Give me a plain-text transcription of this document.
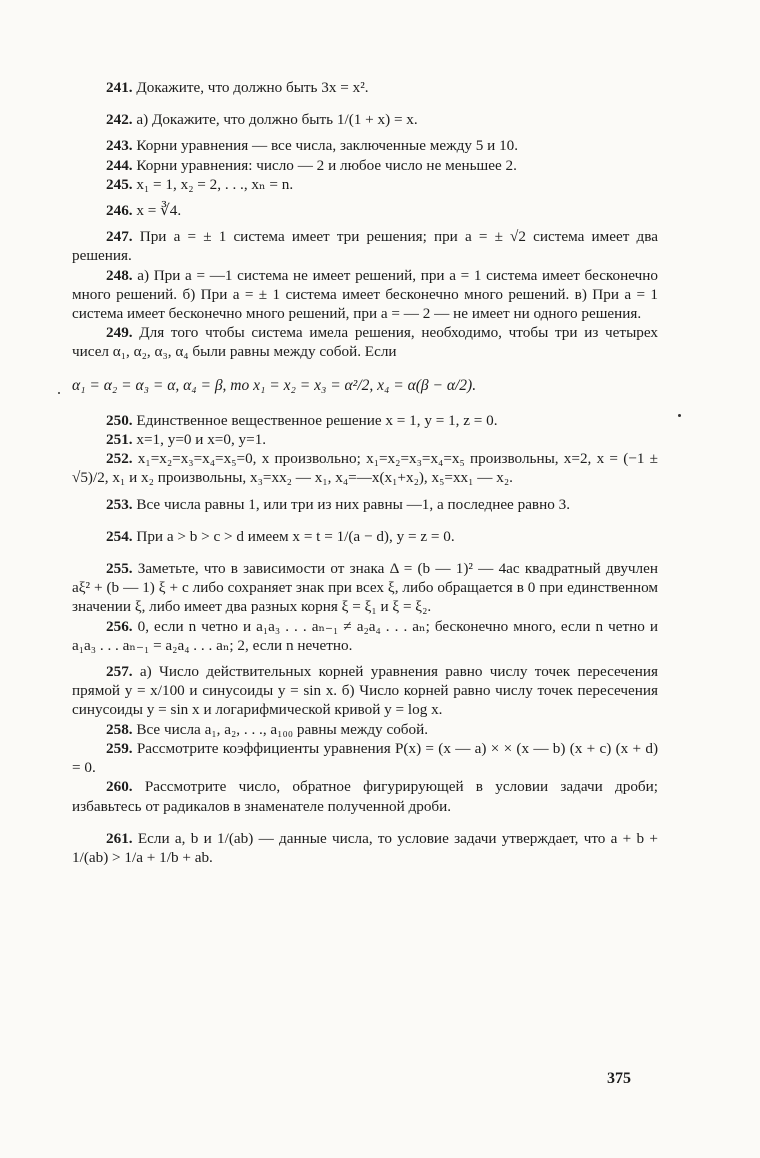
241. Докажите, что должно быть 3x = x².

242. а) Докажите, что должно быть 1/(1 + x) = x.

243. Корни уравнения — все числа, заключенные между 5 и 10.

244. Корни уравнения: число — 2 и любое число не меньшее 2.

245. x₁ = 1, x₂ = 2, . . ., xₙ = n.

246. x = ∛4.

247. При a = ± 1 система имеет три решения; при a = ± √2 система имеет два решения.

248. а) При a = —1 система не имеет решений, при a = 1 система имеет бесконечно много решений. б) При a = ± 1 система имеет бесконечно много решений. в) При a = 1 система имеет бесконечно много решений, при a = — 2 — не имеет ни одного решения.

249. Для того чтобы система имела решения, необходимо, чтобы три из четырех чисел α₁, α₂, α₃, α₄ были равны между собой. Если

α₁ = α₂ = α₃ = α, α₄ = β, то x₁ = x₂ = x₃ = α²/2, x₄ = α(β − α/2).

250. Единственное вещественное решение x = 1, y = 1, z = 0.

251. x=1, y=0 и x=0, y=1.

252. x₁=x₂=x₃=x₄=x₅=0, x произвольно; x₁=x₂=x₃=x₄=x₅ произвольны, x=2, x = (−1 ± √5)/2, x₁ и x₂ произвольны, x₃=xx₂ — x₁, x₄=—x(x₁+x₂), x₅=xx₁ — x₂.

253. Все числа равны 1, или три из них равны —1, а последнее равно 3.

254. При a > b > c > d имеем x = t = 1/(a − d), y = z = 0.

255. Заметьте, что в зависимости от знака Δ = (b — 1)² — 4ac квадратный двучлен aξ² + (b — 1) ξ + c либо сохраняет знак при всех ξ, либо обращается в 0 при единственном значении ξ, либо имеет два разных корня ξ = ξ₁ и ξ = ξ₂.

256. 0, если n четно и a₁a₃ . . . aₙ₋₁ ≠ a₂a₄ . . . aₙ; бесконечно много, если n четно и a₁a₃ . . . aₙ₋₁ = a₂a₄ . . . aₙ; 2, если n нечетно.

257. а) Число действительных корней уравнения равно числу точек пересечения прямой y = x/100 и синусоиды y = sin x. б) Число корней равно числу точек пересечения синусоиды y = sin x и логарифмической кривой y = log x.

258. Все числа a₁, a₂, . . ., a₁₀₀ равны между собой.

259. Рассмотрите коэффициенты уравнения P(x) = (x — a) × × (x — b) (x + c) (x + d) = 0.

260. Рассмотрите число, обратное фигурирующей в условии задачи дроби; избавьтесь от радикалов в знаменателе полученной дроби.

261. Если a, b и 1/(ab) — данные числа, то условие задачи утверждает, что a + b + 1/(ab) > 1/a + 1/b + ab.

375
